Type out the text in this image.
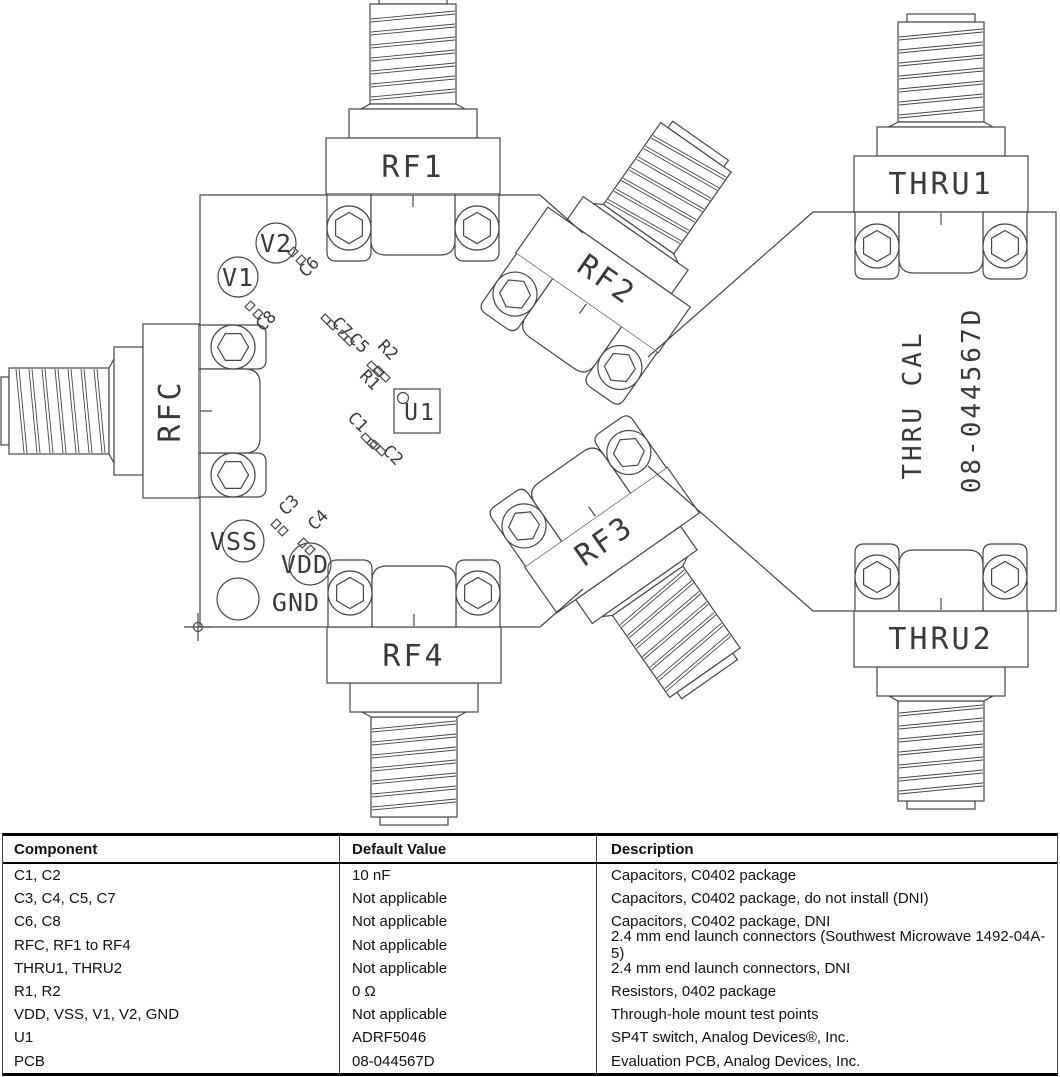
RFC
RF1
RF2
RF3
RF4
THRU1
THRU2
THRU CAL 08-044567D
V2
V1
VSS
VDD
GND
U1
C8
C6
C7
C5 R2
R1
C1
C2
C3
C4
Component	Default Value	Description
C1, C2	10 nF	Capacitors, C0402 package
C3, C4, C5, C7	Not applicable	Capacitors, C0402 package, do not install (DNI)
C6, C8	Not applicable	Capacitors, C0402 package, DNI
RFC, RF1 to RF4	Not applicable	2.4 mm end launch connectors (Southwest Microwave 1492-04A-5)
THRU1, THRU2	Not applicable	2.4 mm end launch connectors, DNI
R1, R2	0 Ω	Resistors, 0402 package
VDD, VSS, V1, V2, GND	Not applicable	Through-hole mount test points
U1	ADRF5046	SP4T switch, Analog Devices®, Inc.
PCB	08-044567D	Evaluation PCB, Analog Devices, Inc.
